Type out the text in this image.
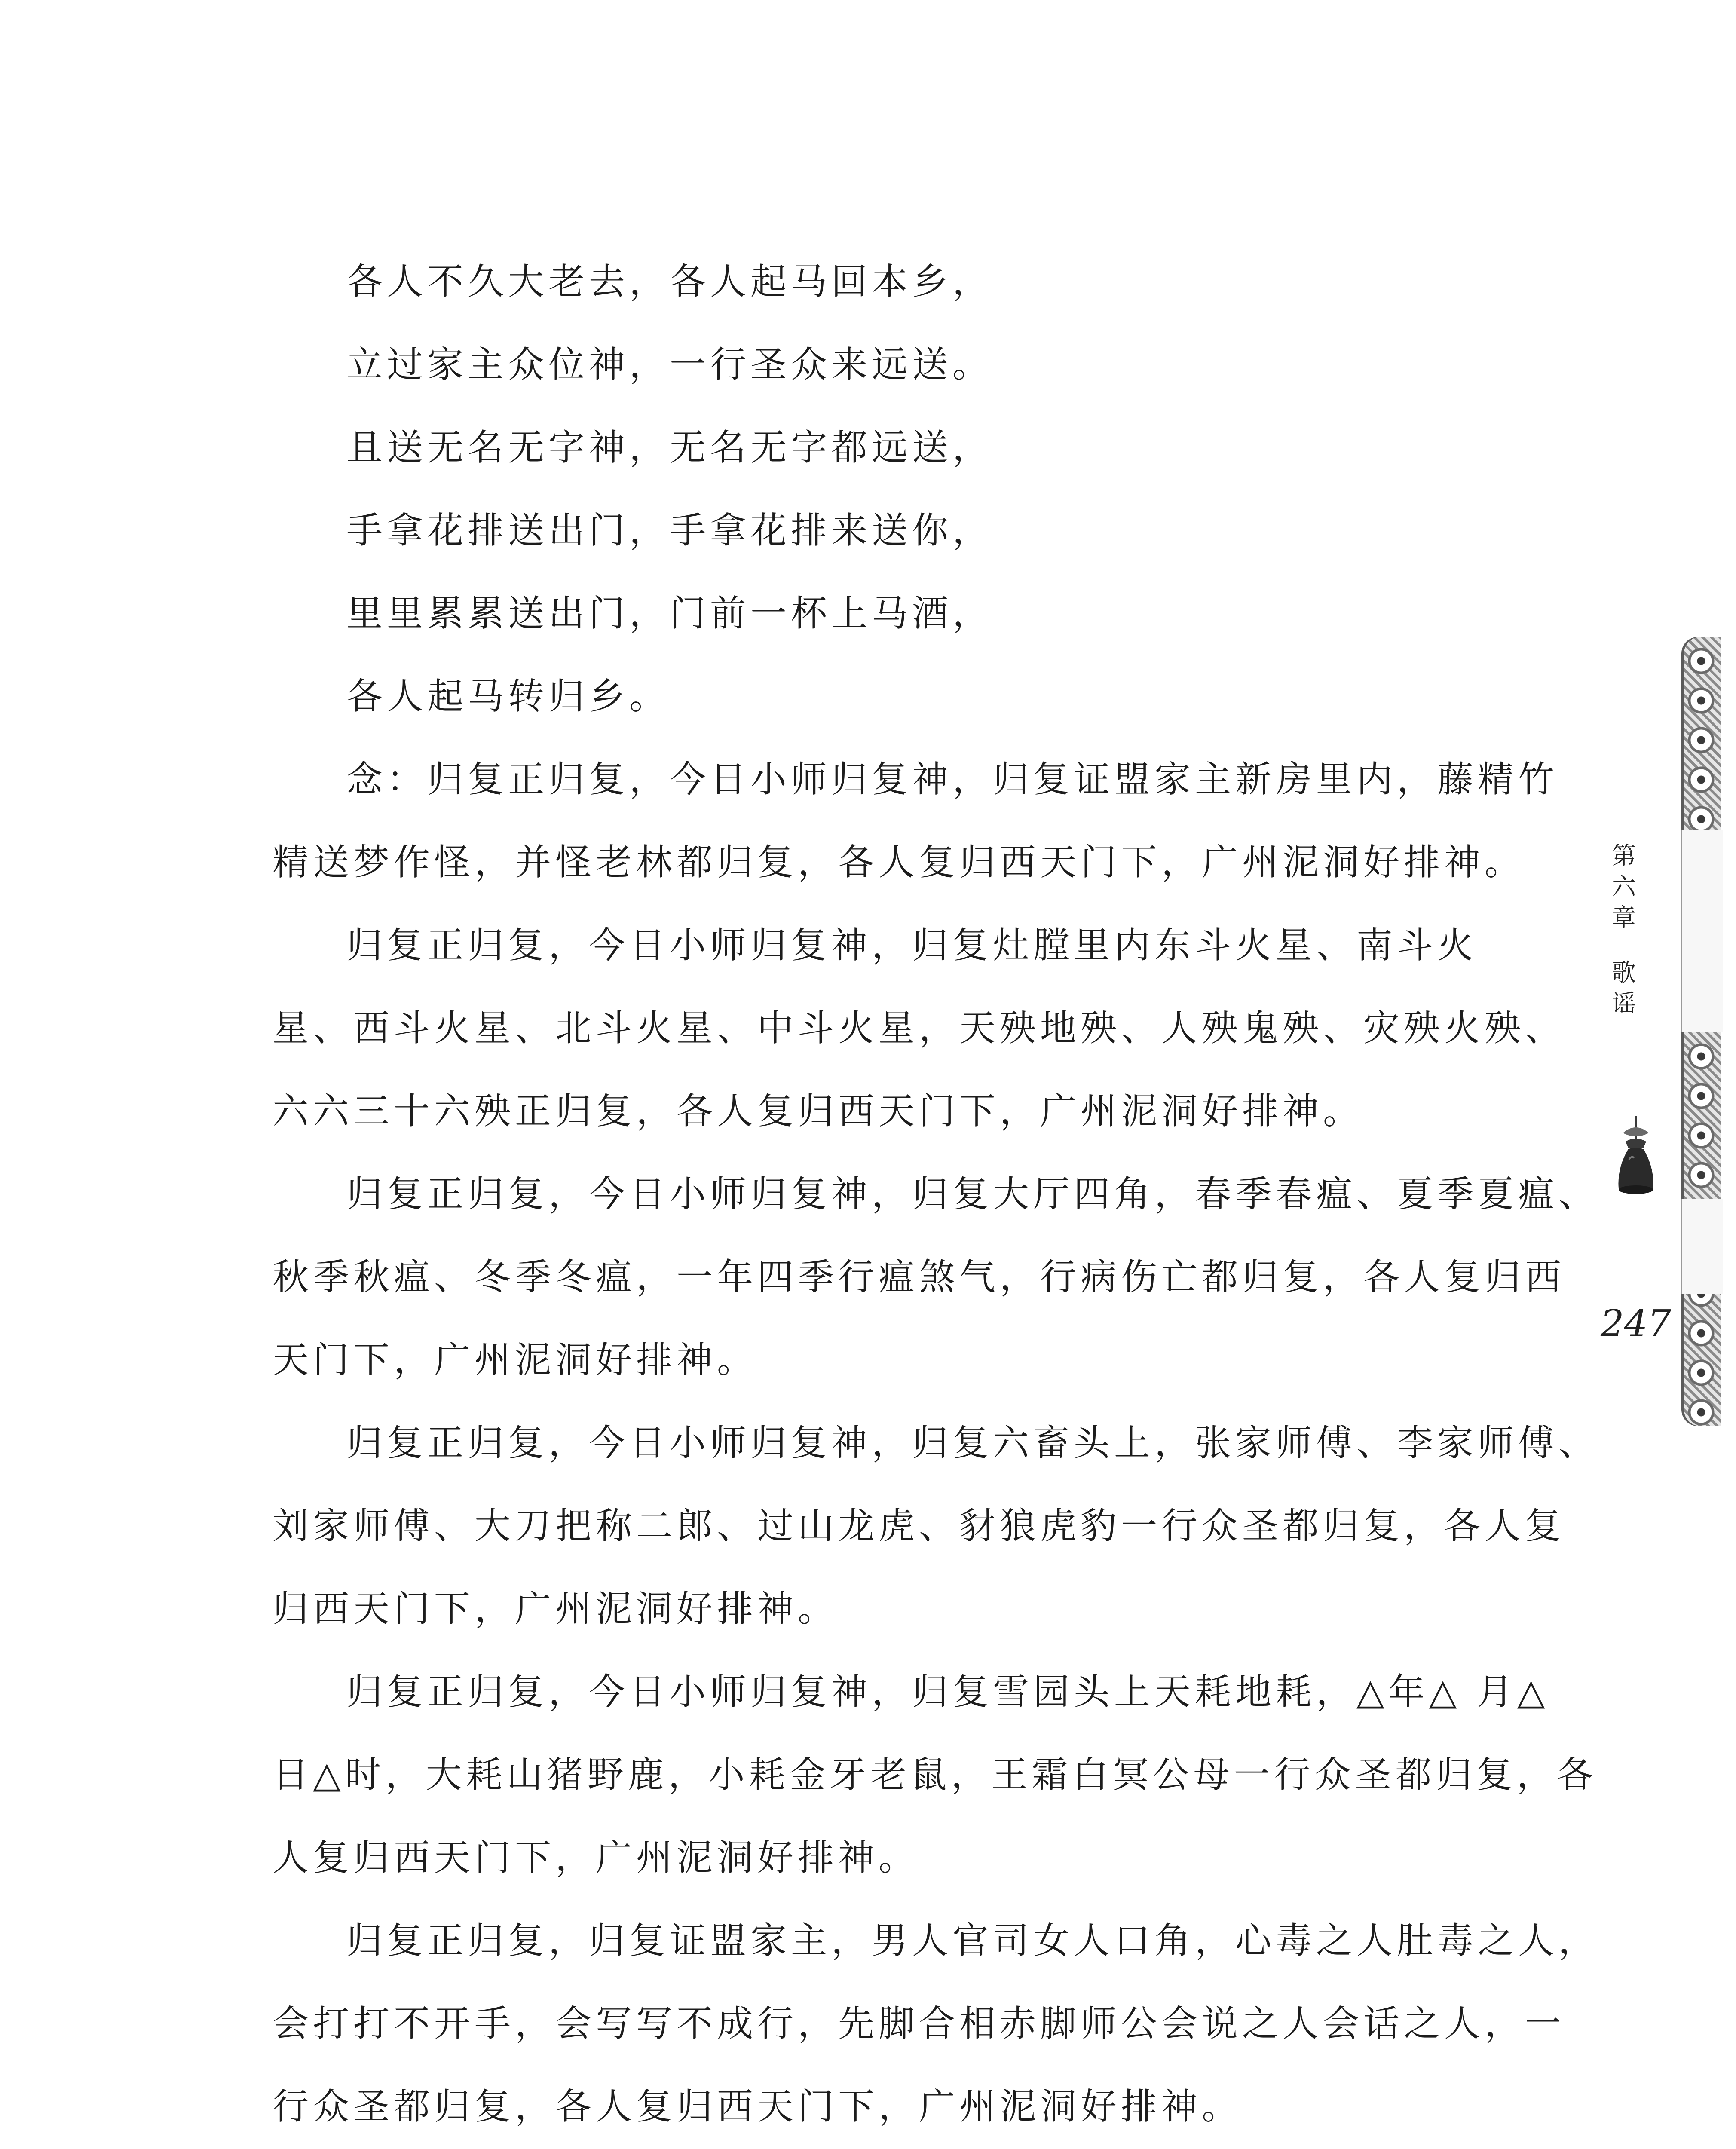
各人不久大老去，各人起马回本乡，
立过家主众位神，一行圣众来远送。
且送无名无字神，无名无字都远送，
手拿花排送出门，手拿花排来送你，
里里累累送出门，门前一杯上马酒，
各人起马转归乡。
念：归复正归复，今日小师归复神，归复证盟家主新房里内，藤精竹
精送梦作怪，并怪老林都归复，各人复归西天门下，广州泥洞好排神。
归复正归复，今日小师归复神，归复灶膛里内东斗火星、南斗火
星、西斗火星、北斗火星、中斗火星，天殃地殃、人殃鬼殃、灾殃火殃、
六六三十六殃正归复，各人复归西天门下，广州泥洞好排神。
归复正归复，今日小师归复神，归复大厅四角，春季春瘟、夏季夏瘟、
秋季秋瘟、冬季冬瘟，一年四季行瘟煞气，行病伤亡都归复，各人复归西
天门下，广州泥洞好排神。
归复正归复，今日小师归复神，归复六畜头上，张家师傅、李家师傅、
刘家师傅、大刀把称二郎、过山龙虎、豺狼虎豹一行众圣都归复，各人复
归西天门下，广州泥洞好排神。
归复正归复，今日小师归复神，归复雪园头上天耗地耗，△年△ 月△
日△时，大耗山猪野鹿，小耗金牙老鼠，王霜白冥公母一行众圣都归复，各
人复归西天门下，广州泥洞好排神。
归复正归复，归复证盟家主，男人官司女人口角，心毒之人肚毒之人，
会打打不开手，会写写不成行，先脚合相赤脚师公会说之人会话之人，一
行众圣都归复，各人复归西天门下，广州泥洞好排神。
第
六
章
歌
谣
247
